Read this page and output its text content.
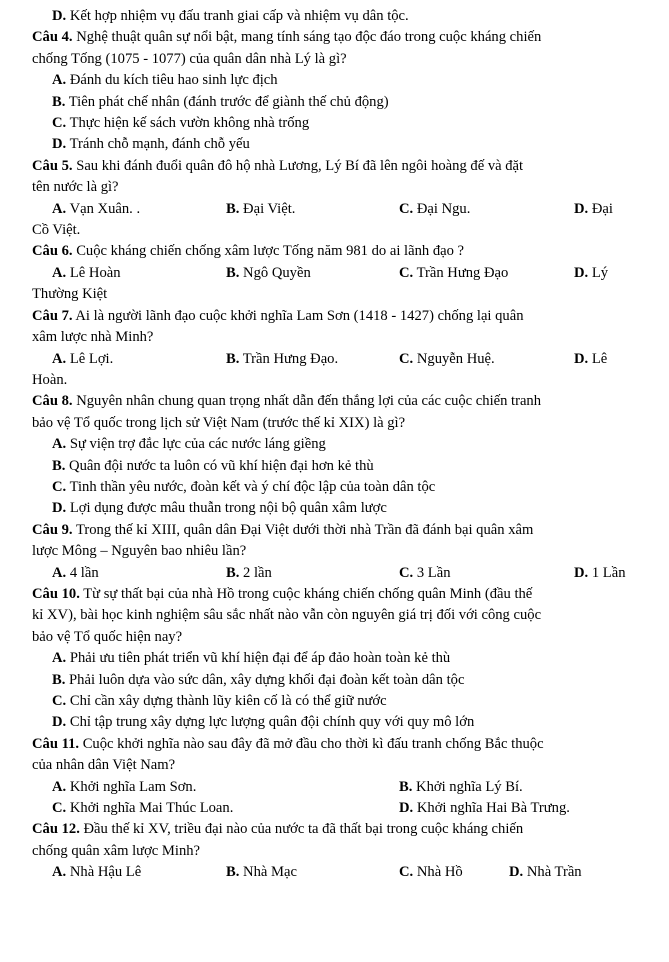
D. Kết hợp nhiệm vụ đấu tranh giai cấp và nhiệm vụ dân tộc.
Câu 4. Nghệ thuật quân sự nổi bật, mang tính sáng tạo độc đáo trong cuộc kháng chiến
chống Tống (1075 - 1077) của quân dân nhà Lý là gì?
A. Đánh du kích tiêu hao sinh lực địch
B. Tiên phát chế nhân (đánh trước để giành thế chủ động)
C. Thực hiện kế sách vườn không nhà trống
D. Tránh chỗ mạnh, đánh chỗ yếu
Câu 5. Sau khi đánh đuổi quân đô hộ nhà Lương, Lý Bí đã lên ngôi hoàng đế và đặt
tên nước là gì?
A. Vạn Xuân. .	B. Đại Việt.	C. Đại Ngu.	D. Đại
Cồ Việt.
Câu 6. Cuộc kháng chiến chống xâm lược Tống năm 981 do ai lãnh đạo ?
A. Lê Hoàn	B. Ngô Quyền	C. Trần Hưng Đạo	D. Lý
Thường Kiệt
Câu 7. Ai là người lãnh đạo cuộc khởi nghĩa Lam Sơn (1418 - 1427) chống lại quân
xâm lược nhà Minh?
A. Lê Lợi.	B. Trần Hưng Đạo.	C. Nguyễn Huệ.	D. Lê
Hoàn.
Câu 8. Nguyên nhân chung quan trọng nhất dẫn đến thắng lợi của các cuộc chiến tranh
bảo vệ Tổ quốc trong lịch sử Việt Nam (trước thế kỉ XIX) là gì?
A. Sự viện trợ đắc lực của các nước láng giềng
B. Quân đội nước ta luôn có vũ khí hiện đại hơn kẻ thù
C. Tinh thần yêu nước, đoàn kết và ý chí độc lập của toàn dân tộc
D. Lợi dụng được mâu thuẫn trong nội bộ quân xâm lược
Câu 9. Trong thế kỉ XIII, quân dân Đại Việt dưới thời nhà Trần đã đánh bại quân xâm
lược Mông – Nguyên bao nhiêu lần?
A. 4 lần	B. 2 lần	C. 3 Lần	D. 1 Lần
Câu 10. Từ sự thất bại của nhà Hồ trong cuộc kháng chiến chống quân Minh (đầu thế
kỉ XV), bài học kinh nghiệm sâu sắc nhất nào vẫn còn nguyên giá trị đối với công cuộc
bảo vệ Tổ quốc hiện nay?
A. Phải ưu tiên phát triển vũ khí hiện đại để áp đảo hoàn toàn kẻ thù
B. Phải luôn dựa vào sức dân, xây dựng khối đại đoàn kết toàn dân tộc
C. Chỉ cần xây dựng thành lũy kiên cố là có thể giữ nước
D. Chỉ tập trung xây dựng lực lượng quân đội chính quy với quy mô lớn
Câu 11. Cuộc khởi nghĩa nào sau đây đã mở đầu cho thời kì đấu tranh chống Bắc thuộc
của nhân dân Việt Nam?
A. Khởi nghĩa Lam Sơn.	B. Khởi nghĩa Lý Bí.
C. Khởi nghĩa Mai Thúc Loan.	D. Khởi nghĩa Hai Bà Trưng.
Câu 12. Đầu thế kỉ XV, triều đại nào của nước ta đã thất bại trong cuộc kháng chiến
chống quân xâm lược Minh?
A. Nhà Hậu Lê	B. Nhà Mạc	C. Nhà Hồ	D. Nhà Trần
